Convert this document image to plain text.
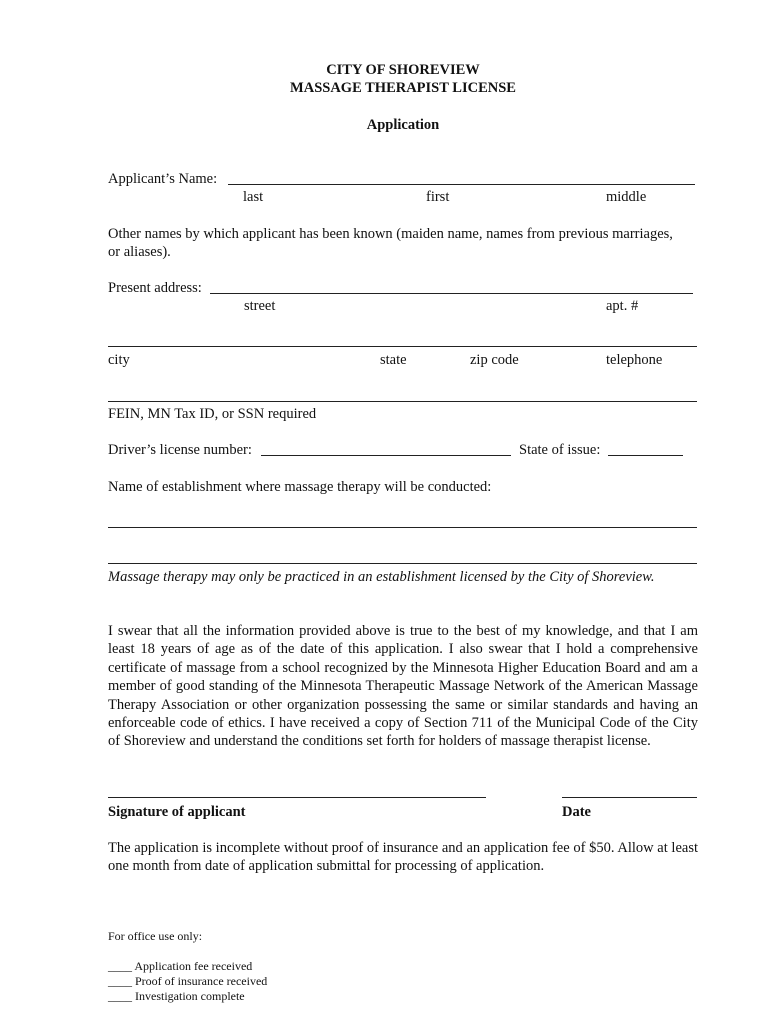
CITY OF SHOREVIEW
MASSAGE THERAPIST LICENSE
Application
Applicant’s Name:
last	first	middle
Other names by which applicant has been known (maiden name, names from previous marriages,
or aliases).
Present address:
street	apt. #
city	state	zip code	telephone
FEIN, MN Tax ID, or SSN required
Driver’s license number:	State of issue:
Name of establishment where massage therapy will be conducted:
Massage therapy may only be practiced in an establishment licensed by the City of Shoreview.

I swear that all the information provided above is true to the best of my knowledge, and that I am least 18 years of age as of the date of this application. I also swear that I hold a comprehensive certificate of massage from a school recognized by the Minnesota Higher Education Board and am a member of good standing of the Minnesota Therapeutic Massage Network of the American Massage Therapy Association or other organization possessing the same or similar standards and having an enforceable code of ethics. I have received a copy of Section 711 of the Municipal Code of the City of Shoreview and understand the conditions set forth for holders of massage therapist license.

Signature of applicant	Date

The application is incomplete without proof of insurance and an application fee of $50. Allow at least one month from date of application submittal for processing of application.

For office use only:
____ Application fee received
____ Proof of insurance received
____ Investigation complete
